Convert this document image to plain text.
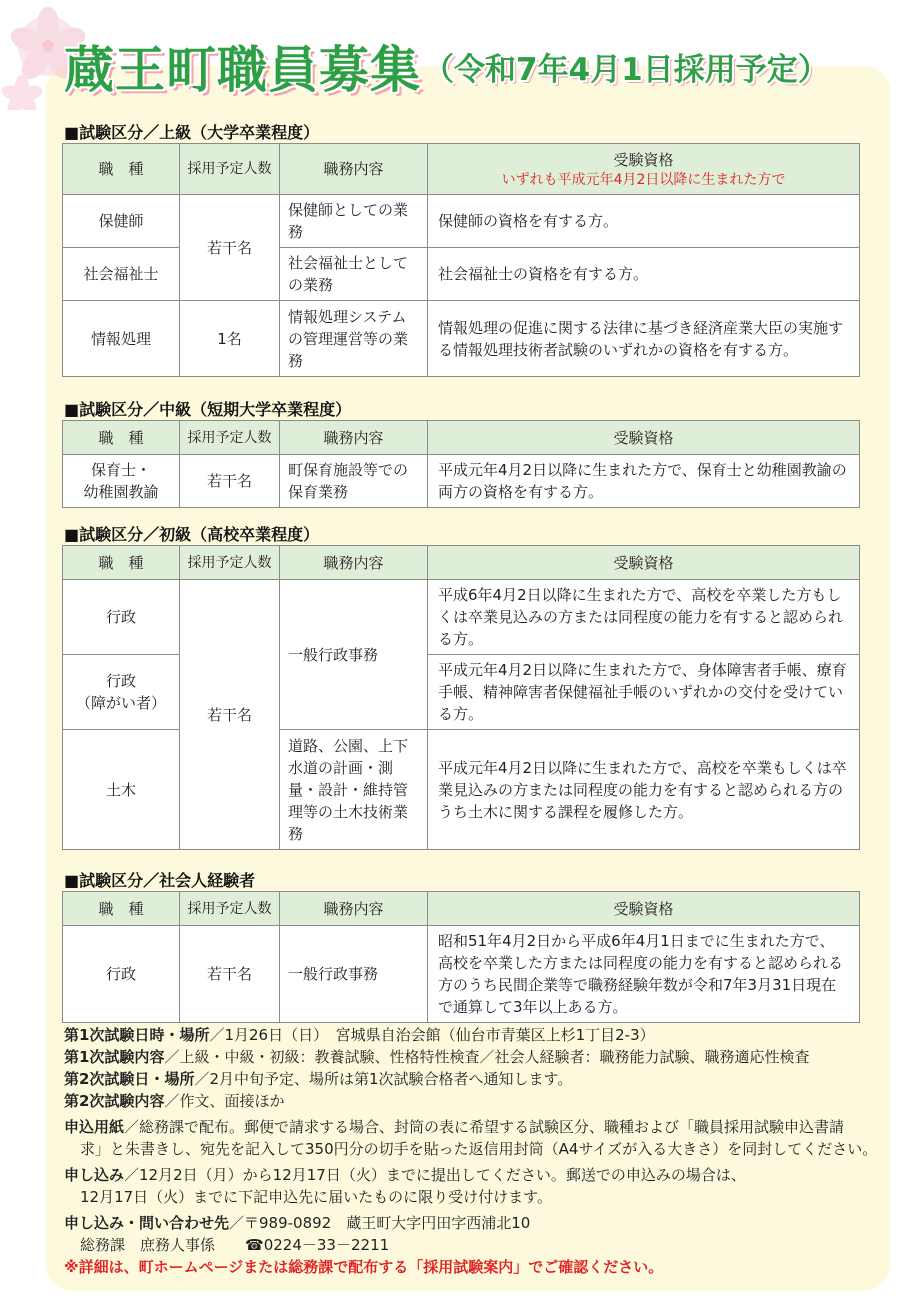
蔵王町職員募集 （令和7年4月1日採用予定）
■試験区分／上級（大学卒業程度）
職　種	採用予定人数	職務内容	受験資格
いずれも平成元年4月2日以降に生まれた方で

保健師	若干名	保健師としての業務	保健師の資格を有する方。
社会福祉士		社会福祉士としての業務	社会福祉士の資格を有する方。
情報処理	1名	情報処理システムの管理運営等の業務	情報処理の促進に関する法律に基づき経済産業大臣の実施する情報処理技術者試験のいずれかの資格を有する方。
■試験区分／中級（短期大学卒業程度）
職　種	採用予定人数	職務内容	受験資格
保育士・
幼稚園教諭	若干名	町保育施設等での保育業務	平成元年4月2日以降に生まれた方で、保育士と幼稚園教諭の両方の資格を有する方。
■試験区分／初級（高校卒業程度）
職　種	採用予定人数	職務内容	受験資格
行政	若干名	一般行政事務	平成6年4月2日以降に生まれた方で、高校を卒業した方もしくは卒業見込みの方または同程度の能力を有すると認められる方。
行政
（障がい者）			平成元年4月2日以降に生まれた方で、身体障害者手帳、療育手帳、精神障害者保健福祉手帳のいずれかの交付を受けている方。
土木		道路、公園、上下水道の計画・測量・設計・維持管理等の土木技術業務	平成元年4月2日以降に生まれた方で、高校を卒業もしくは卒業見込みの方または同程度の能力を有すると認められる方のうち土木に関する課程を履修した方。
■試験区分／社会人経験者
職　種	採用予定人数	職務内容	受験資格
行政	若干名	一般行政事務	昭和51年4月2日から平成6年4月1日までに生まれた方で、高校を卒業した方または同程度の能力を有すると認められる方のうち民間企業等で職務経験年数が令和7年3月31日現在で通算して3年以上ある方。
第1次試験日時・場所／1月26日（日）　宮城県自治会館（仙台市青葉区上杉1丁目2-3）
第1次試験内容／上級・中級・初級：教養試験、性格特性検査／社会人経験者：職務能力試験、職務適応性検査
第2次試験日・場所／2月中旬予定、場所は第1次試験合格者へ通知します。
第2次試験内容／作文、面接ほか
申込用紙／総務課で配布。郵便で請求する場合、封筒の表に希望する試験区分、職種および「職員採用試験申込書請
求」と朱書きし、宛先を記入して350円分の切手を貼った返信用封筒（A4サイズが入る大きさ）を同封してください。
申し込み／12月2日（月）から12月17日（火）までに提出してください。郵送での申込みの場合は、
12月17日（火）までに下記申込先に届いたものに限り受け付けます。
申し込み・問い合わせ先／〒989-0892　蔵王町大字円田字西浦北10
総務課　庶務人事係　　 ☎0224－33－2211
※詳細は、町ホームページまたは総務課で配布する「採用試験案内」でご確認ください。
